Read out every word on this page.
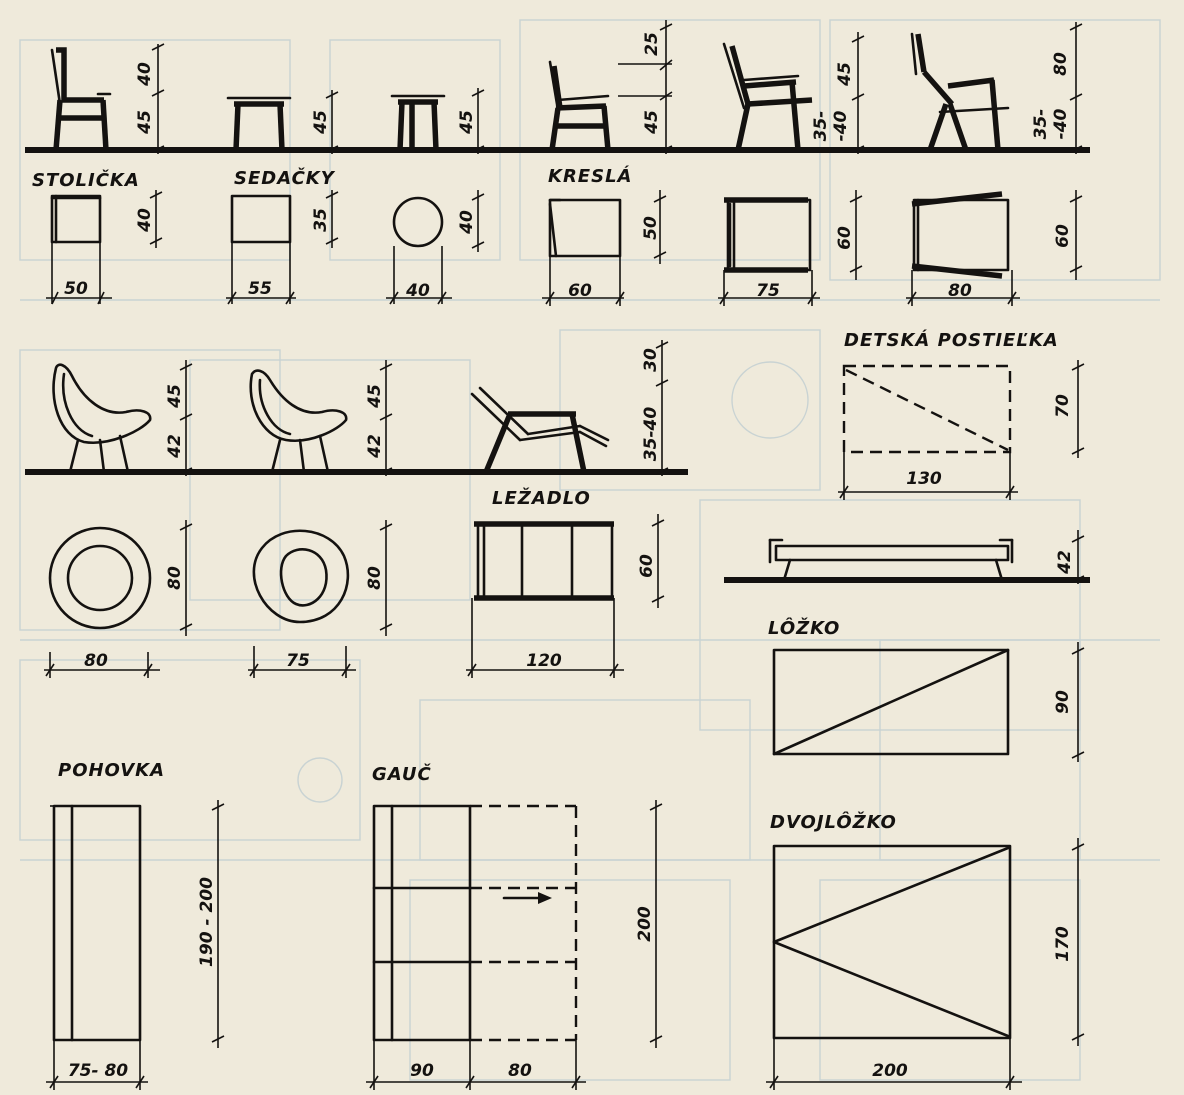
40
45	45	45
25
45
45
35- -40
80
35- -40
STOLIČKA	SEDAČKY	KRESLÁ
40
50
35
55
40
40
50
60
60
75
60
80
45
42
45
42
30
35-40
DETSKÁ POSTIEĽKA
70
130
80
80
80
75
LEŽADLO
60
120
42
LÔŽKO
90
POHOVKA
190 - 200
75- 80
GAUČ
200
90	80
DVOJLÔŽKO
170
200
